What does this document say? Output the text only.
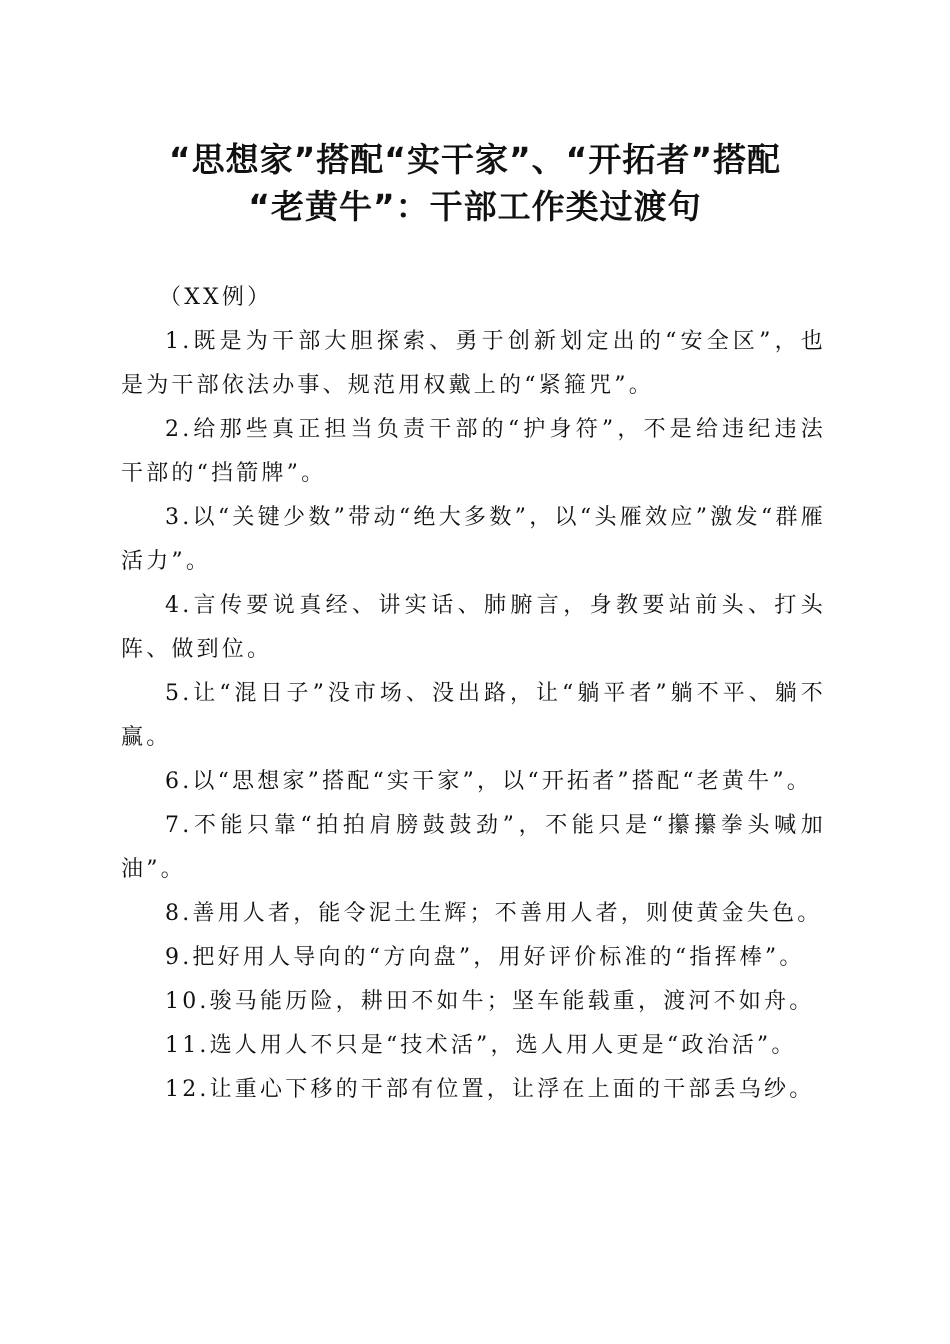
“思想家”搭配“实干家”、“开拓者”搭配
“老黄牛”：干部工作类过渡句

（XX例）

1.既是为干部大胆探索、勇于创新划定出的“安全区”，也是为干部依法办事、规范用权戴上的“紧箍咒”。

2.给那些真正担当负责干部的“护身符”，不是给违纪违法干部的“挡箭牌”。

3.以“关键少数”带动“绝大多数”，以“头雁效应”激发“群雁活力”。

4.言传要说真经、讲实话、肺腑言，身教要站前头、打头阵、做到位。

5.让“混日子”没市场、没出路，让“躺平者”躺不平、躺不赢。

6.以“思想家”搭配“实干家”，以“开拓者”搭配“老黄牛”。

7.不能只靠“拍拍肩膀鼓鼓劲”，不能只是“攥攥拳头喊加油”。

8.善用人者，能令泥土生辉；不善用人者，则使黄金失色。

9.把好用人导向的“方向盘”，用好评价标准的“指挥棒”。

10.骏马能历险，耕田不如牛；坚车能载重，渡河不如舟。

11.选人用人不只是“技术活”，选人用人更是“政治活”。

12.让重心下移的干部有位置，让浮在上面的干部丢乌纱。
